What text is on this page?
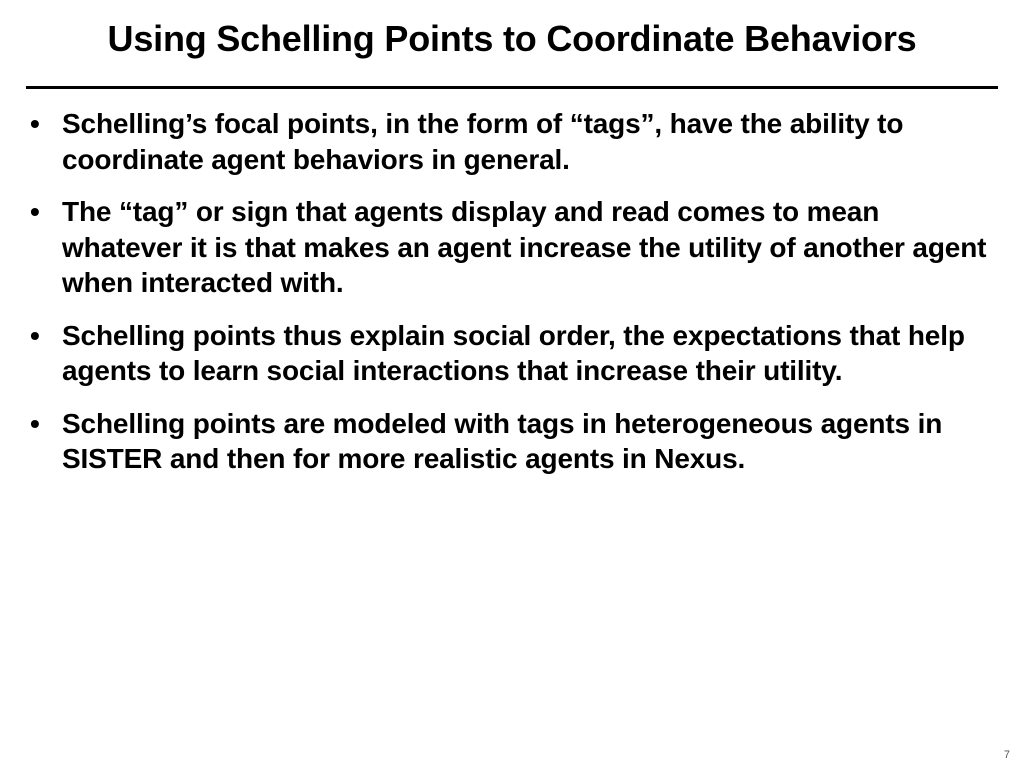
Using Schelling Points to Coordinate Behaviors
• Schelling’s focal points, in the form of “tags”, have the ability to coordinate agent behaviors in general.
• The “tag” or sign that agents display and read comes to mean whatever it is that makes an agent increase the utility of another agent when interacted with.
• Schelling points thus explain social order, the expectations that help agents to learn social interactions that increase their utility.
• Schelling points are modeled with tags in heterogeneous agents in SISTER and then for more realistic agents in Nexus.
7
